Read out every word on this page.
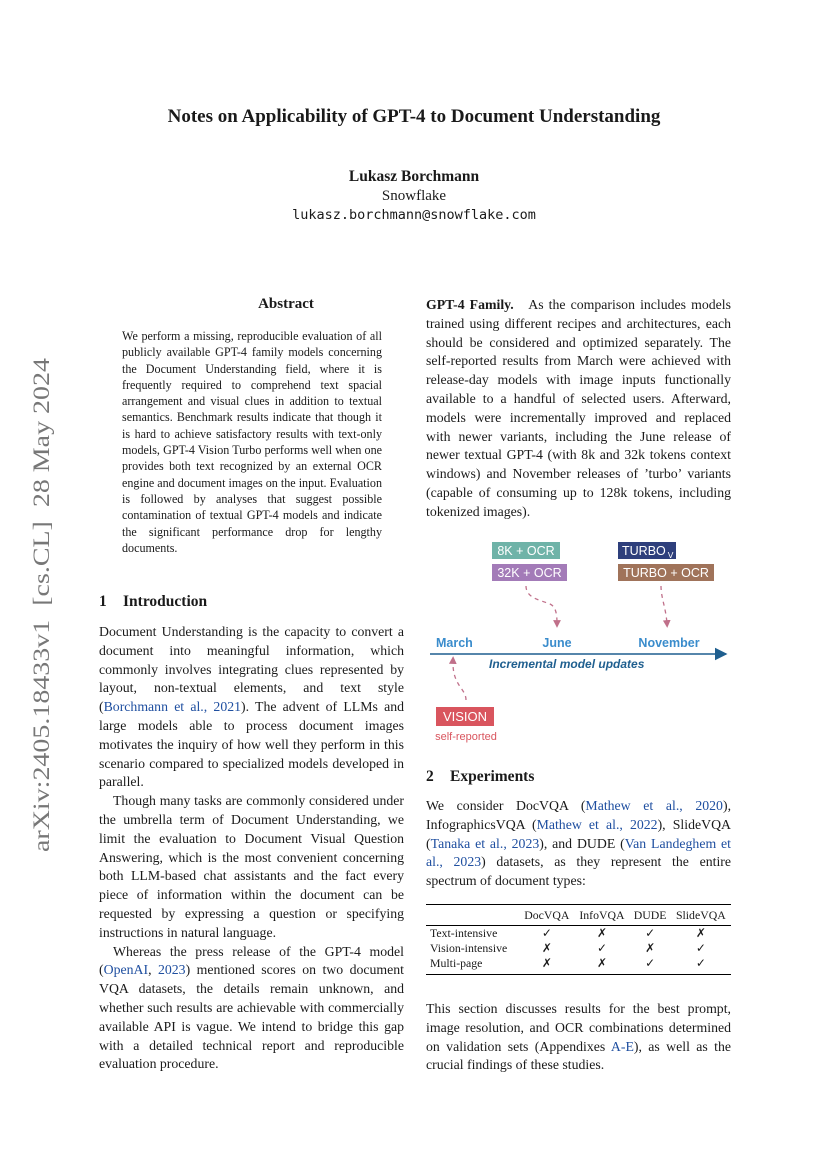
Notes on Applicability of GPT-4 to Document Understanding
Lukasz Borchmann
Snowflake
lukasz.borchmann@snowflake.com
arXiv:2405.18433v1  [cs.CL]  28 May 2024
Abstract
We perform a missing, reproducible evaluation of all publicly available GPT-4 family models concerning the Document Understanding field, where it is frequently required to comprehend text spacial arrangement and visual clues in addition to textual semantics. Benchmark results indicate that though it is hard to achieve satisfactory results with text-only models, GPT-4 Vision Turbo performs well when one provides both text recognized by an external OCR engine and document images on the input. Evaluation is followed by analyses that suggest possible contamination of textual GPT-4 models and indicate the significant performance drop for lengthy documents.
1 Introduction

Document Understanding is the capacity to convert a document into meaningful information, which commonly involves integrating clues represented by layout, non-textual elements, and text style (Borchmann et al., 2021). The advent of LLMs and large models able to process document images motivates the inquiry of how well they perform in this scenario compared to specialized models developed in parallel.

Though many tasks are commonly considered under the umbrella term of Document Understanding, we limit the evaluation to Document Visual Question Answering, which is the most convenient concerning both LLM-based chat assistants and the fact every piece of information within the document can be requested by expressing a question or specifying instructions in natural language.

Whereas the press release of the GPT-4 model (OpenAI, 2023) mentioned scores on two document VQA datasets, the details remain unknown, and whether such results are achievable with commercially available API is vague. We intend to bridge this gap with a detailed technical report and reproducible evaluation procedure.

GPT-4 Family. As the comparison includes models trained using different recipes and architectures, each should be considered and optimized separately. The self-reported results from March were achieved with release-day models with image inputs functionally available to a handful of selected users. Afterward, models were incrementally improved and replaced with newer variants, including the June release of newer textual GPT-4 (with 8k and 32k tokens context windows) and November releases of ’turbo’ variants (capable of consuming up to 128k tokens, including tokenized images).

8K + OCR
32K + OCR
TURBO $_V$
TURBO + OCR
March	June	November
Incremental model updates
VISION
self-reported
2 Experiments

We consider DocVQA (Mathew et al., 2020), InfographicsVQA (Mathew et al., 2022), SlideVQA (Tanaka et al., 2023), and DUDE (Van Landeghem et al., 2023) datasets, as they represent the entire spectrum of document types:

	DocVQA	InfoVQA	DUDE	SlideVQA
Text-intensive	✓	✗	✓	✗
Vision-intensive	✗	✓	✗	✓
Multi-page	✗	✗	✓	✓

This section discusses results for the best prompt, image resolution, and OCR combinations determined on validation sets (Appendixes A-E), as well as the crucial findings of these studies.
